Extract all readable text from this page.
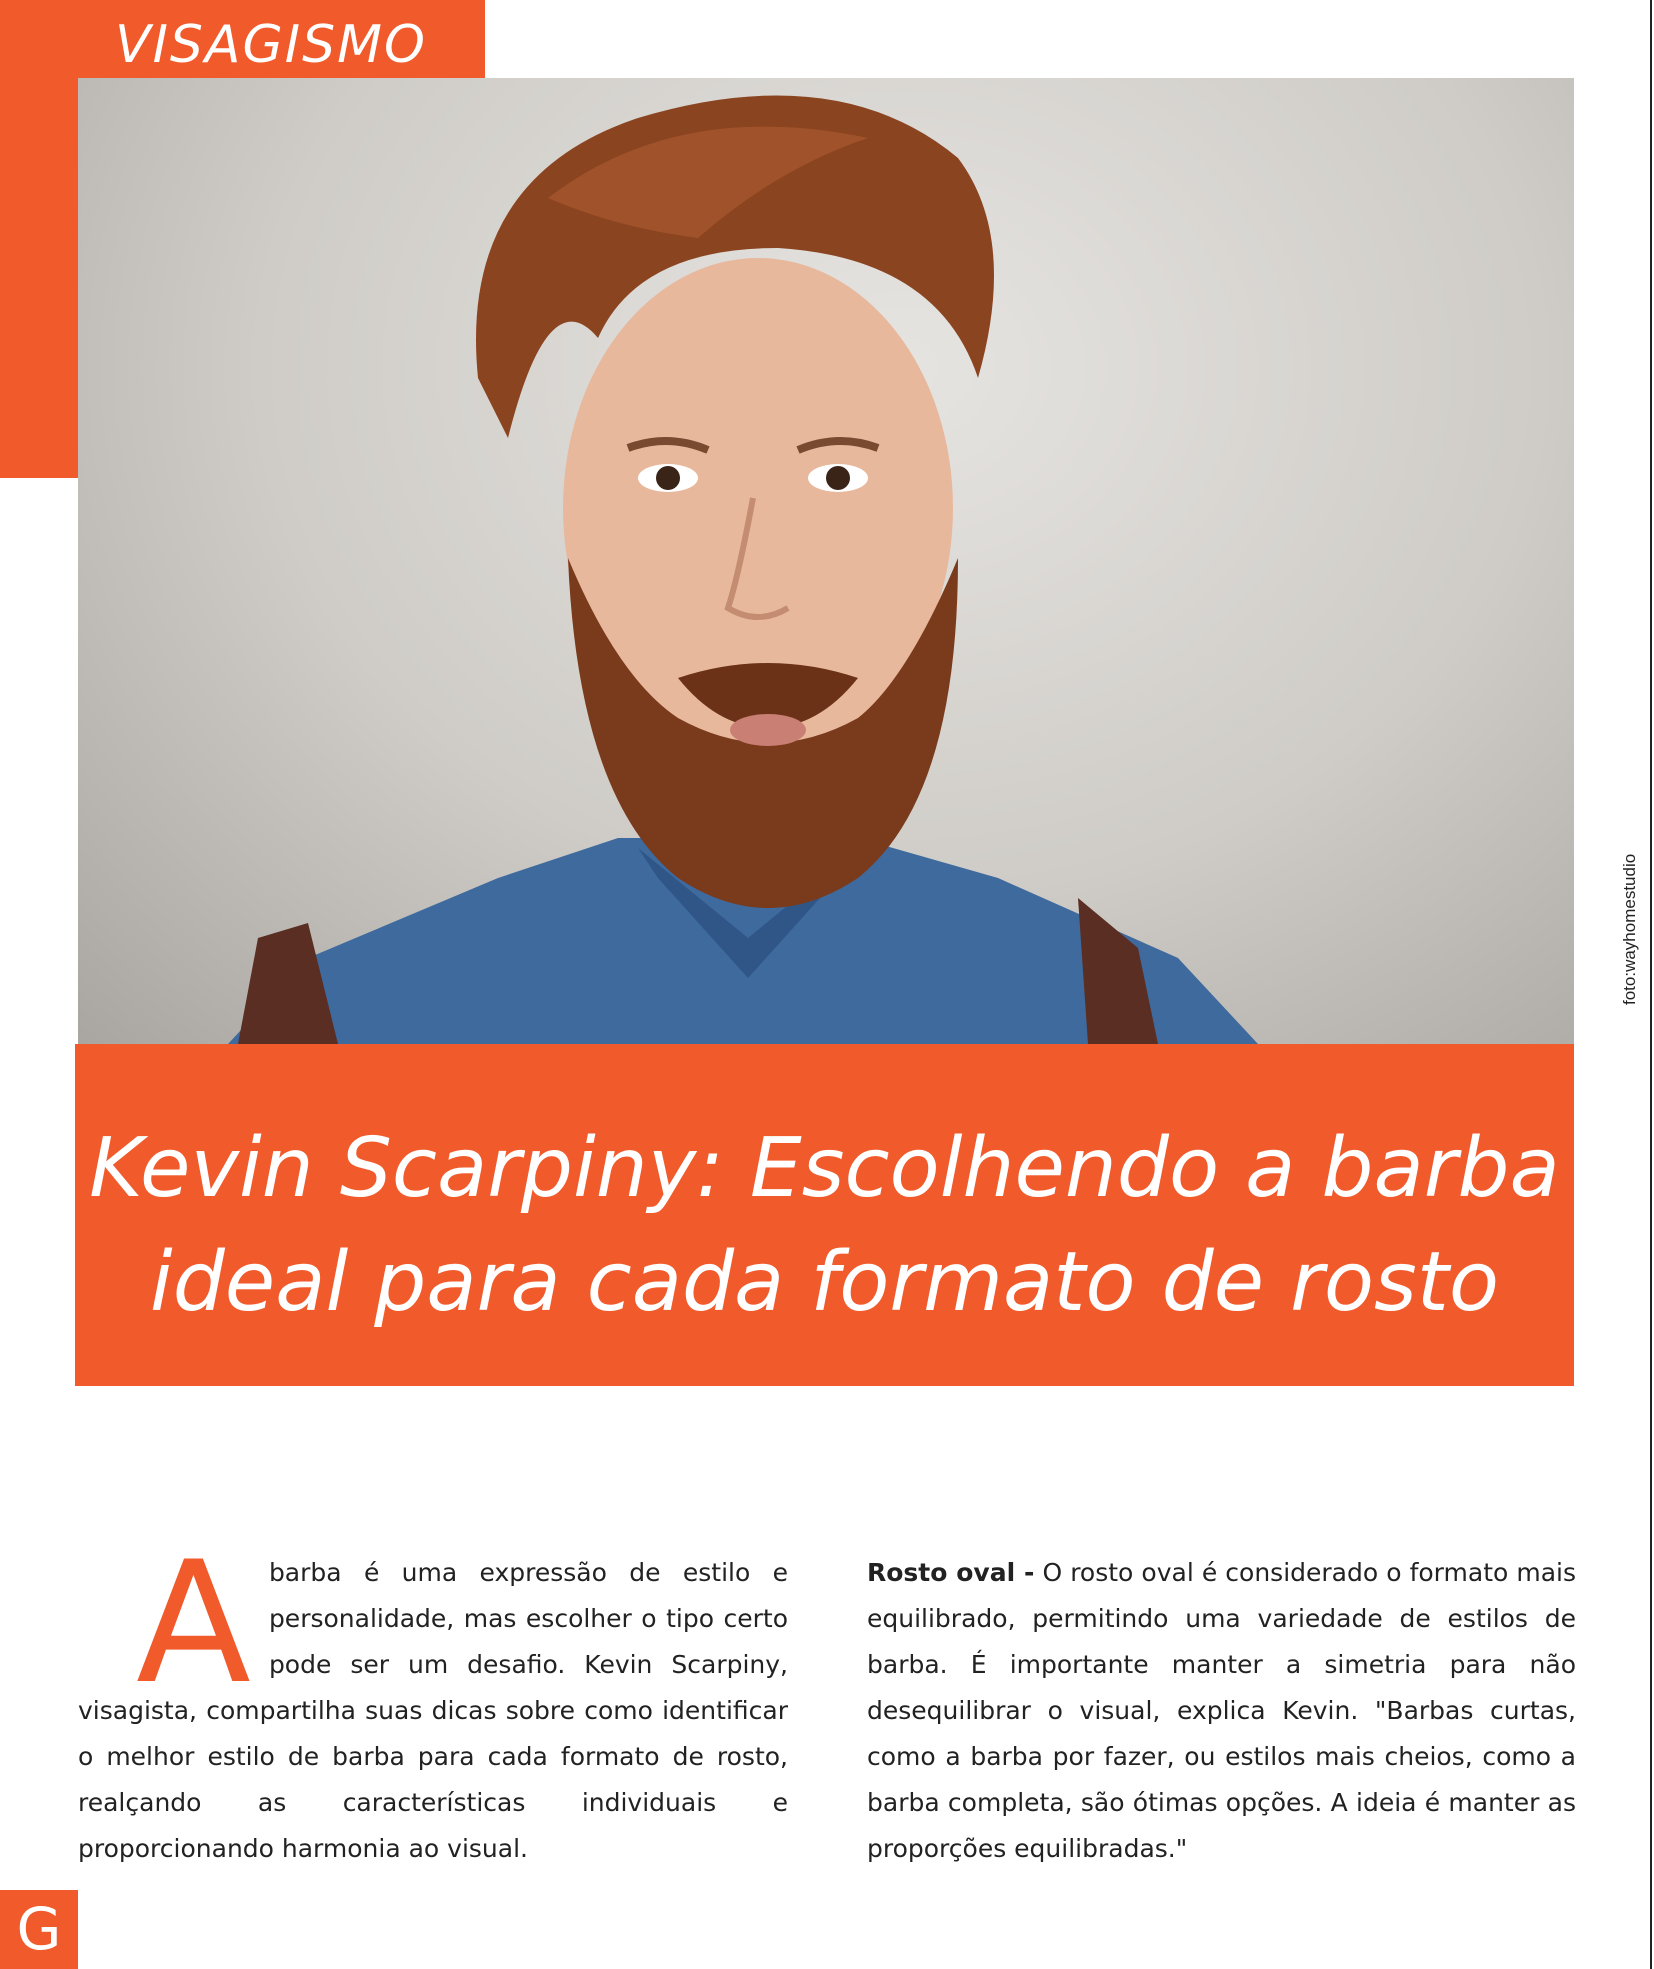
VISAGISMO
foto:wayhomestudio
Kevin Scarpiny: Escolhendo a barba ideal para cada formato de rosto
A barba é uma expressão de estilo e personalidade, mas escolher o tipo certo pode ser um desafio. Kevin Scarpiny, visagista, compartilha suas dicas sobre como identificar o melhor estilo de barba para cada formato de rosto, realçando as características individuais e proporcionando harmonia ao visual.
Rosto oval - O rosto oval é considerado o formato mais equilibrado, permitindo uma variedade de estilos de barba. É importante manter a simetria para não desequilibrar o visual, explica Kevin. "Barbas curtas, como a barba por fazer, ou estilos mais cheios, como a barba completa, são ótimas opções. A ideia é manter as proporções equilibradas."
G
